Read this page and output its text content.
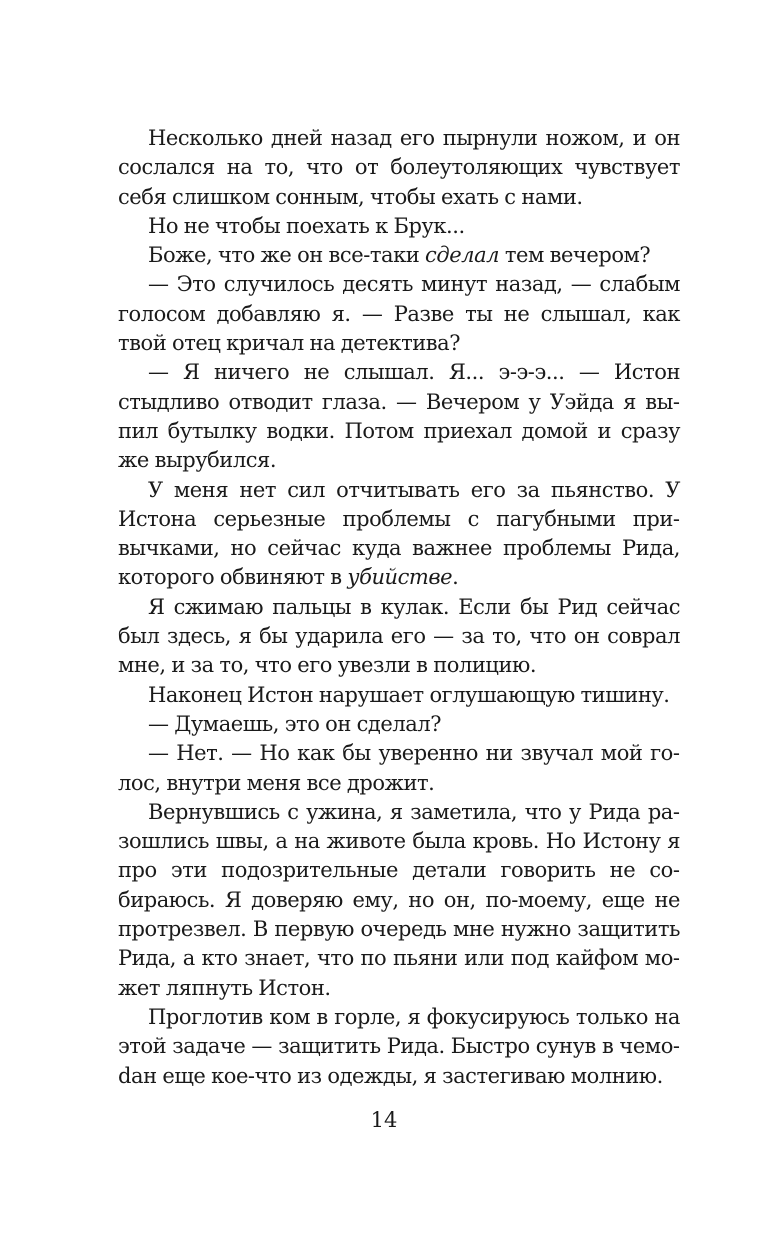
Несколько дней назад его пырнули ножом, и он сослался на то, что от болеутоляющих чувствует себя слишком сонным, чтобы ехать с нами.

Но не чтобы поехать к Брук...

Боже, что же он все-таки сделал тем вечером?

— Это случилось десять минут назад, — слабым голосом добавляю я. — Разве ты не слышал, как твой отец кричал на детектива?

— Я ничего не слышал. Я... э-э-э... — Истон стыдливо отводит глаза. — Вечером у Уэйда я выпил бутылку водки. Потом приехал домой и сразу же вырубился.

У меня нет сил отчитывать его за пьянство. У Истона серьезные проблемы с пагубными привычками, но сейчас куда важнее проблемы Рида, которого обвиняют в убийстве.

Я сжимаю пальцы в кулак. Если бы Рид сейчас был здесь, я бы ударила его — за то, что он соврал мне, и за то, что его увезли в полицию.

Наконец Истон нарушает оглушающую тишину.

— Думаешь, это он сделал?

— Нет. — Но как бы уверенно ни звучал мой голос, внутри меня все дрожит.

Вернувшись с ужина, я заметила, что у Рида разошлись швы, а на животе была кровь. Но Истону я про эти подозрительные детали говорить не собираюсь. Я доверяю ему, но он, по-моему, еще не протрезвел. В первую очередь мне нужно защитить Рида, а кто знает, что по пьяни или под кайфом может ляпнуть Истон.

Проглотив ком в горле, я фокусируюсь только на этой задаче — защитить Рида. Быстро сунув в чемоdан еще кое-что из одежды, я застегиваю молнию.

14
